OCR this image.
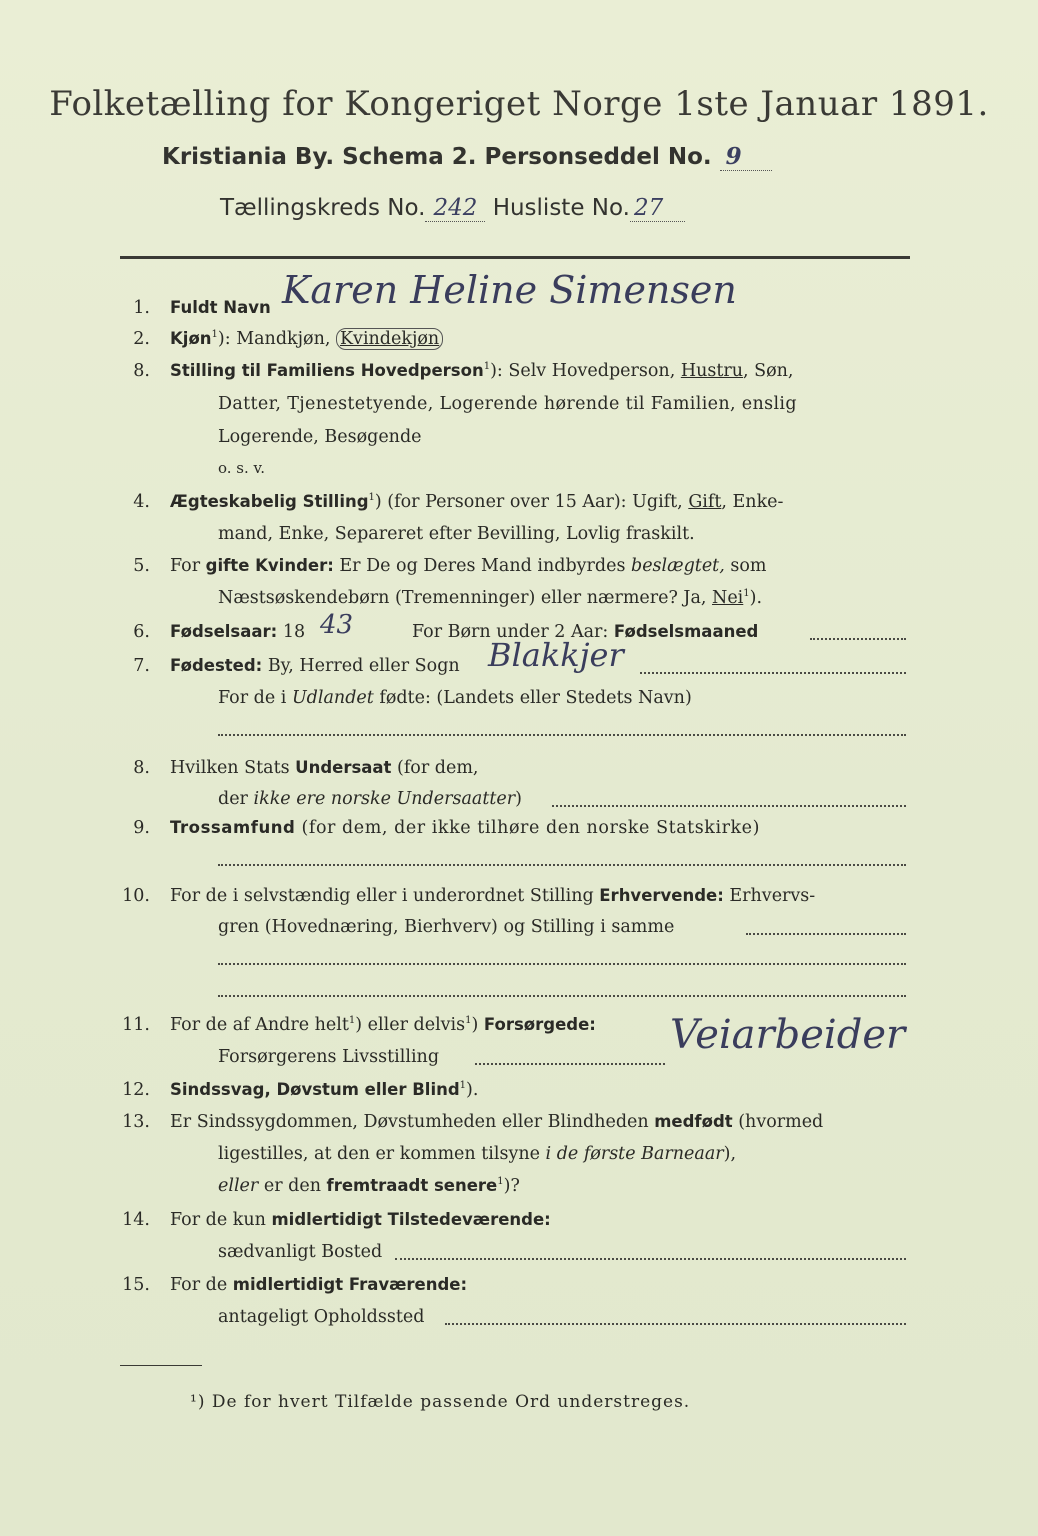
Folketælling for Kongeriget Norge 1ste Januar 1891.
Kristiania By. Schema 2. Personseddel No. 9
Tællingskreds No. 242 Husliste No. 27
1. Fuldt Navn Karen Heline Simensen
2. Kjøn$^1$): Mandkjøn, Kvindekjøn
8. Stilling til Familiens Hovedperson$^1$): Selv Hovedperson, Hustru, Søn,
Datter, Tjenestetyende, Logerende hørende til Familien, enslig
Logerende, Besøgende
o. s. v.
4. Ægteskabelig Stilling$^1$) (for Personer over 15 Aar): Ugift, Gift, Enke-
mand, Enke, Separeret efter Bevilling, Lovlig fraskilt.
5. For gifte Kvinder: Er De og Deres Mand indbyrdes beslægtet, som
Næstsøskendebørn (Tremenninger) eller nærmere? Ja, Nei$^1$).
6. Fødselsaar: 18 43	For Børn under 2 Aar: Fødselsmaaned
7. Fødested: By, Herred eller Sogn Blakkjer
For de i Udlandet fødte: (Landets eller Stedets Navn)
8. Hvilken Stats Undersaat (for dem,
der ikke ere norske Undersaatter)
9. Trossamfund (for dem, der ikke tilhøre den norske Statskirke)
10. For de i selvstændig eller i underordnet Stilling Erhvervende: Erhvervs-
gren (Hovednæring, Bierhverv) og Stilling i samme
11. For de af Andre helt$^1$) eller delvis$^1$) Forsørgede:
Forsørgerens Livsstilling	Veiarbeider
12. Sindssvag, Døvstum eller Blind$^1$).
13. Er Sindssygdommen, Døvstumheden eller Blindheden medfødt (hvormed
ligestilles, at den er kommen tilsyne i de første Barneaar),
eller er den fremtraadt senere$^1$)?
14. For de kun midlertidigt Tilstedeværende:
sædvanligt Bosted
15. For de midlertidigt Fraværende:
antageligt Opholdssted
¹) De for hvert Tilfælde passende Ord understreges.
